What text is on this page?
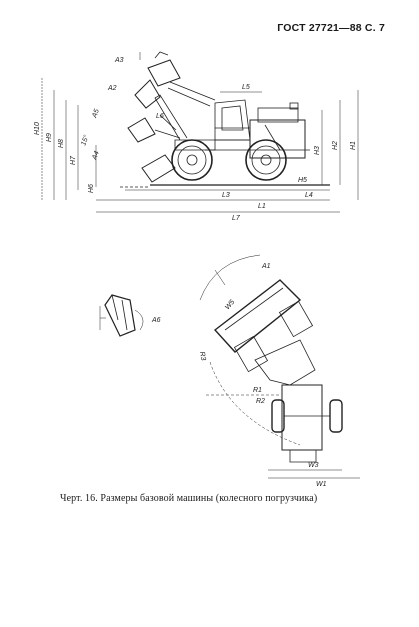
ГОСТ 27721—88 С. 7
A3
A2
A5	L6
A4
15°
L5
H10
H9
H8
H7
H6
H5
L4
H3
H2 H1
L3
L1
L7
A1
W5
R3
R1
R2
W3
W1
A6
Черт. 16. Размеры базовой машины (колесного погрузчика)
